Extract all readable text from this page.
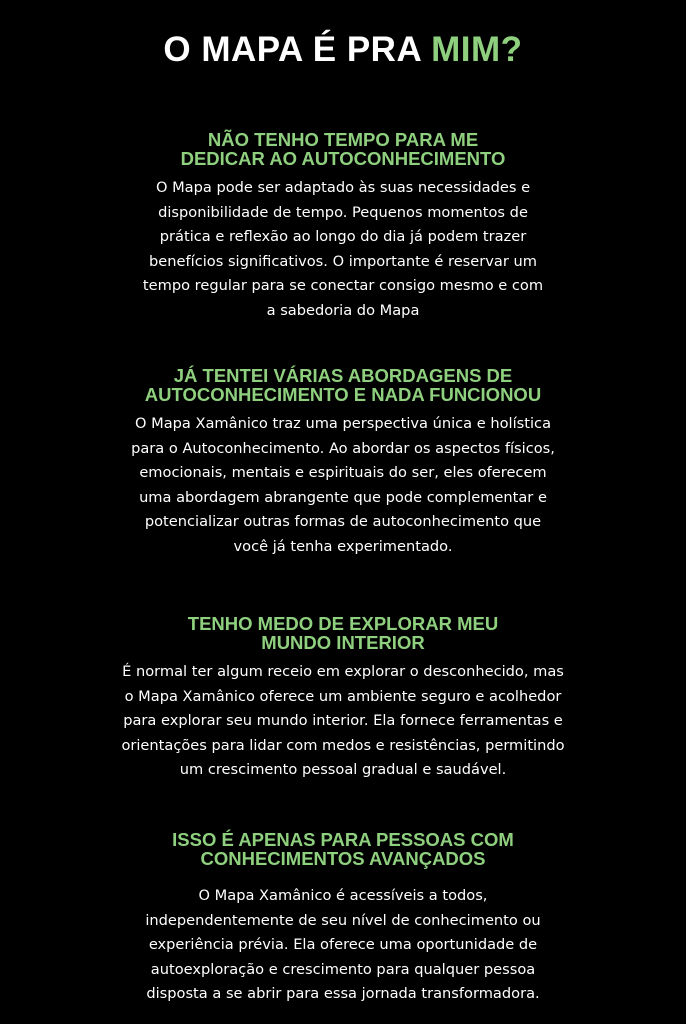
O MAPA É PRA MIM?
NÃO TENHO TEMPO PARA ME
DEDICAR AO AUTOCONHECIMENTO

O Mapa pode ser adaptado às suas necessidades e
disponibilidade de tempo. Pequenos momentos de
prática e reflexão ao longo do dia já podem trazer
benefícios significativos. O importante é reservar um
tempo regular para se conectar consigo mesmo e com
a sabedoria do Mapa

JÁ TENTEI VÁRIAS ABORDAGENS DE
AUTOCONHECIMENTO E NADA FUNCIONOU

O Mapa Xamânico traz uma perspectiva única e holística
para o Autoconhecimento. Ao abordar os aspectos físicos,
emocionais, mentais e espirituais do ser, eles oferecem
uma abordagem abrangente que pode complementar e
potencializar outras formas de autoconhecimento que
você já tenha experimentado.

TENHO MEDO DE EXPLORAR MEU
MUNDO INTERIOR

É normal ter algum receio em explorar o desconhecido, mas
o Mapa Xamânico oferece um ambiente seguro e acolhedor
para explorar seu mundo interior. Ela fornece ferramentas e
orientações para lidar com medos e resistências, permitindo
um crescimento pessoal gradual e saudável.

ISSO É APENAS PARA PESSOAS COM
CONHECIMENTOS AVANÇADOS

O Mapa Xamânico é acessíveis a todos,
independentemente de seu nível de conhecimento ou
experiência prévia. Ela oferece uma oportunidade de
autoexploração e crescimento para qualquer pessoa
disposta a se abrir para essa jornada transformadora.
